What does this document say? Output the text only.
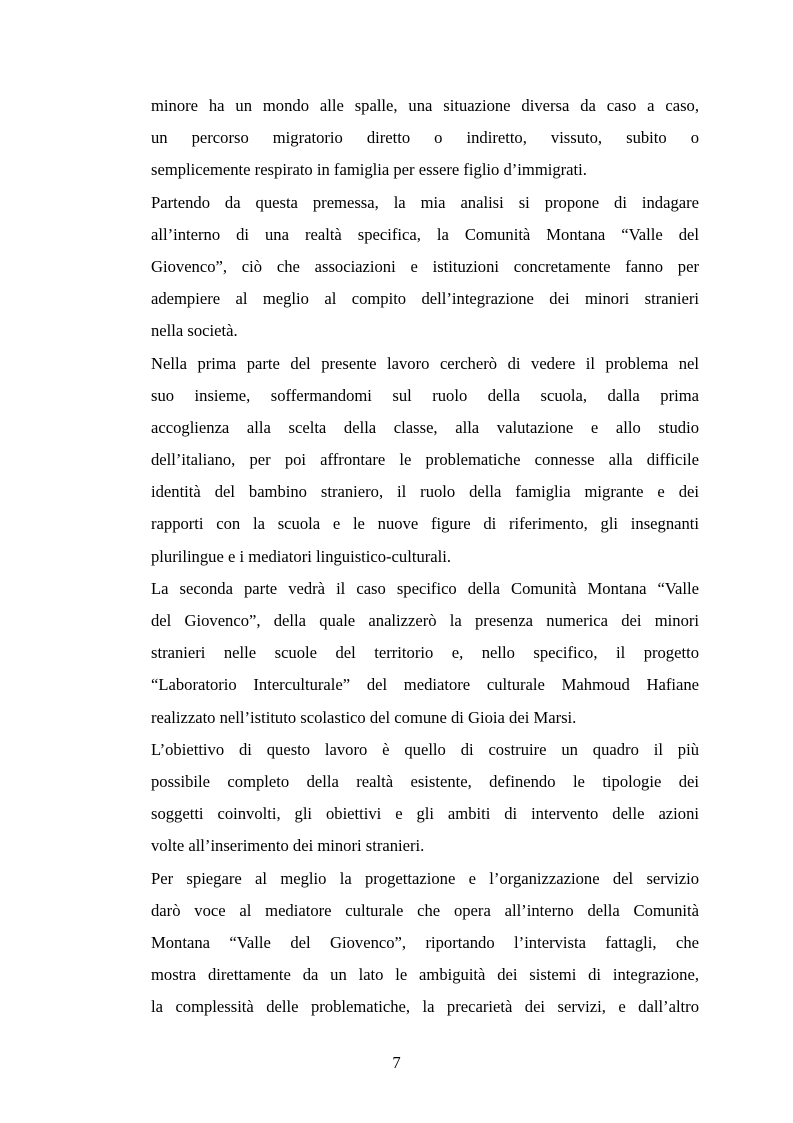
minore ha un mondo alle spalle, una situazione diversa da caso a caso,
un percorso migratorio diretto o indiretto, vissuto, subito o
semplicemente respirato in famiglia per essere figlio d’immigrati.
Partendo da questa premessa, la mia analisi si propone di indagare
all’interno di una realtà specifica, la Comunità Montana “Valle del
Giovenco”, ciò che associazioni e istituzioni concretamente fanno per
adempiere al meglio al compito dell’integrazione dei minori stranieri
nella società.
Nella prima parte del presente lavoro cercherò di vedere il problema nel
suo insieme, soffermandomi sul ruolo della scuola, dalla prima
accoglienza alla scelta della classe, alla valutazione e allo studio
dell’italiano, per poi affrontare le problematiche connesse alla difficile
identità del bambino straniero, il ruolo della famiglia migrante e dei
rapporti con la scuola e le nuove figure di riferimento, gli insegnanti
plurilingue e i mediatori linguistico-culturali.
La seconda parte vedrà il caso specifico della Comunità Montana “Valle
del Giovenco”, della quale analizzerò la presenza numerica dei minori
stranieri nelle scuole del territorio e, nello specifico, il progetto
“Laboratorio Interculturale” del mediatore culturale Mahmoud Hafiane
realizzato nell’istituto scolastico del comune di Gioia dei Marsi.
L’obiettivo di questo lavoro è quello di costruire un quadro il più
possibile completo della realtà esistente, definendo le tipologie dei
soggetti coinvolti, gli obiettivi e gli ambiti di intervento delle azioni
volte all’inserimento dei minori stranieri.
Per spiegare al meglio la progettazione e l’organizzazione del servizio
darò voce al mediatore culturale che opera all’interno della Comunità
Montana “Valle del Giovenco”, riportando l’intervista fattagli, che
mostra direttamente da un lato le ambiguità dei sistemi di integrazione,
la complessità delle problematiche, la precarietà dei servizi, e dall’altro
7
